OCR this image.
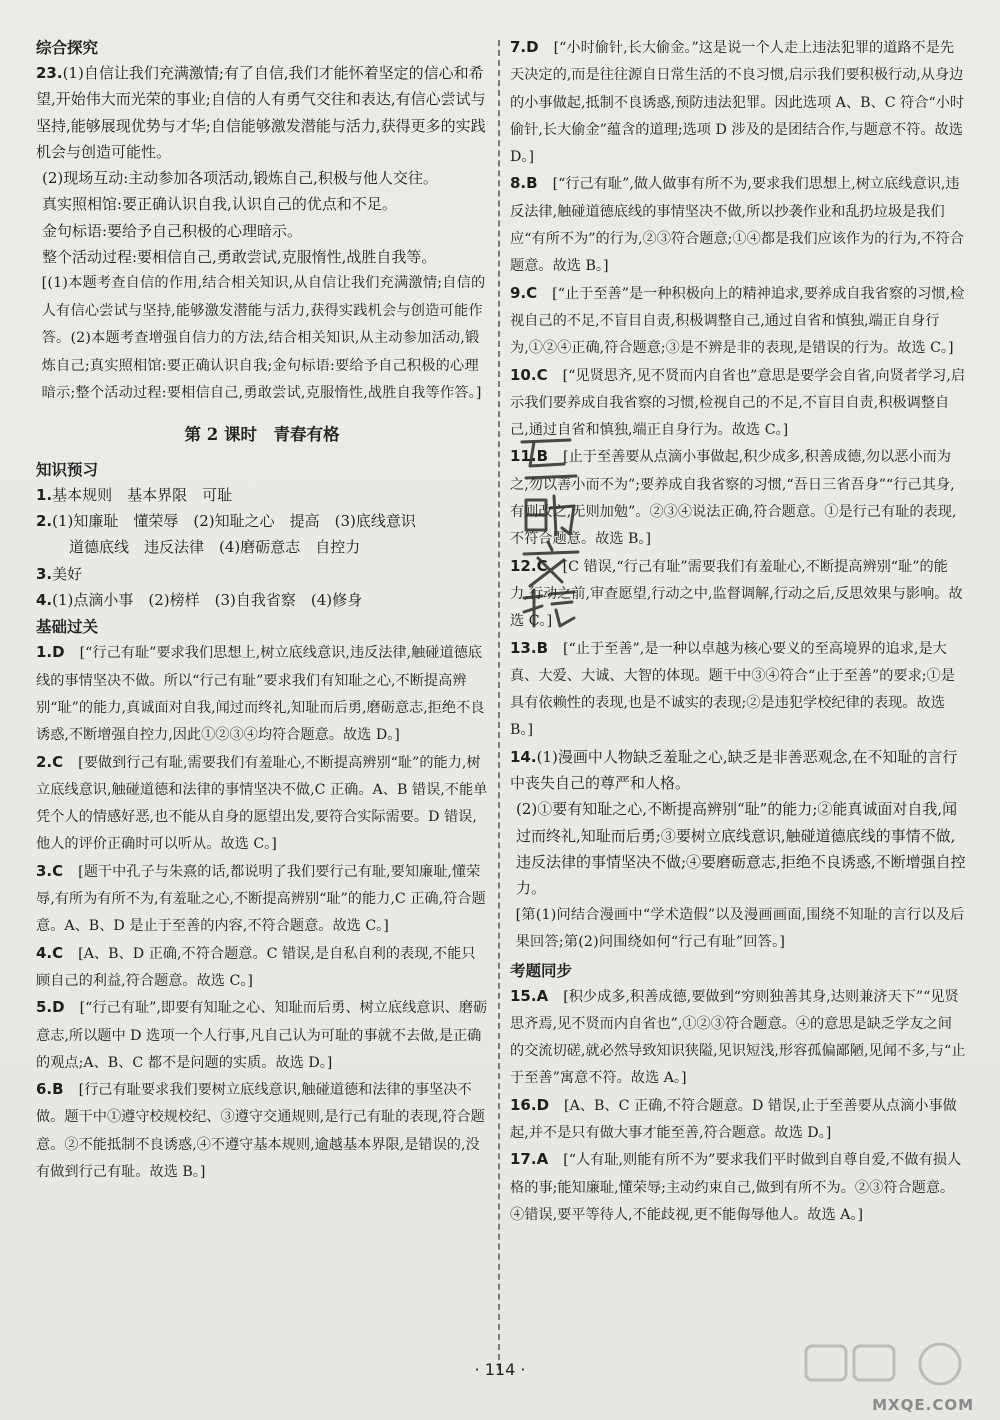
综合探究

23.(1)自信让我们充满激情;有了自信,我们才能怀着坚定的信心和希望,开始伟大而光荣的事业;自信的人有勇气交往和表达,有信心尝试与坚持,能够展现优势与才华;自信能够激发潜能与活力,获得更多的实践机会与创造可能性。

(2)现场互动:主动参加各项活动,锻炼自己,积极与他人交往。

真实照相馆:要正确认识自我,认识自己的优点和不足。

金句标语:要给予自己积极的心理暗示。

整个活动过程:要相信自己,勇敢尝试,克服惰性,战胜自我等。

[(1)本题考查自信的作用,结合相关知识,从自信让我们充满激情;自信的人有信心尝试与坚持,能够激发潜能与活力,获得实践机会与创造可能作答。(2)本题考查增强自信力的方法,结合相关知识,从主动参加活动,锻炼自己;真实照相馆:要正确认识自我;金句标语:要给予自己积极的心理暗示;整个活动过程:要相信自己,勇敢尝试,克服惰性,战胜自我等作答。]

第 2 课时　青春有格
知识预习

1.基本规则　基本界限　可耻

2.(1)知廉耻　懂荣辱　(2)知耻之心　提高　(3)底线意识

道德底线　违反法律　(4)磨砺意志　自控力

3.美好

4.(1)点滴小事　(2)榜样　(3)自我省察　(4)修身

基础过关

1.D　[“行己有耻”要求我们思想上,树立底线意识,违反法律,触碰道德底线的事情坚决不做。所以“行己有耻”要求我们有知耻之心,不断提高辨别“耻”的能力,真诚面对自我,闻过而终礼,知耻而后勇,磨砺意志,拒绝不良诱惑,不断增强自控力,因此①②③④均符合题意。故选 D。]

2.C　[要做到行己有耻,需要我们有羞耻心,不断提高辨别“耻”的能力,树立底线意识,触碰道德和法律的事情坚决不做,C 正确。A、B 错误,不能单凭个人的情感好恶,也不能从自身的愿望出发,要符合实际需要。D 错误,他人的评价正确时可以听从。故选 C。]

3.C　[题干中孔子与朱熹的话,都说明了我们要行己有耻,要知廉耻,懂荣辱,有所为有所不为,有羞耻之心,不断提高辨别“耻”的能力,C 正确,符合题意。A、B、D 是止于至善的内容,不符合题意。故选 C。]

4.C　[A、B、D 正确,不符合题意。C 错误,是自私自利的表现,不能只顾自己的利益,符合题意。故选 C。]

5.D　[“行己有耻”,即要有知耻之心、知耻而后勇、树立底线意识、磨砺意志,所以题中 D 选项一个人行事,凡自己认为可耻的事就不去做,是正确的观点;A、B、C 都不是问题的实质。故选 D。]

6.B　[行己有耻要求我们要树立底线意识,触碰道德和法律的事坚决不做。题干中①遵守校规校纪、③遵守交通规则,是行己有耻的表现,符合题意。②不能抵制不良诱惑,④不遵守基本规则,逾越基本界限,是错误的,没有做到行己有耻。故选 B。]

7.D　[“小时偷针,长大偷金。”这是说一个人走上违法犯罪的道路不是先天决定的,而是往往源自日常生活的不良习惯,启示我们要积极行动,从身边的小事做起,抵制不良诱惑,预防违法犯罪。因此选项 A、B、C 符合“小时偷针,长大偷金”蕴含的道理;选项 D 涉及的是团结合作,与题意不符。故选 D。]

8.B　[“行己有耻”,做人做事有所不为,要求我们思想上,树立底线意识,违反法律,触碰道德底线的事情坚决不做,所以抄袭作业和乱扔垃圾是我们应“有所不为”的行为,②③符合题意;①④都是我们应该作为的行为,不符合题意。故选 B。]

9.C　[“止于至善”是一种积极向上的精神追求,要养成自我省察的习惯,检视自己的不足,不盲目自责,积极调整自己,通过自省和慎独,端正自身行为,①②④正确,符合题意;③是不辨是非的表现,是错误的行为。故选 C。]

10.C　[“见贤思齐,见不贤而内自省也”意思是要学会自省,向贤者学习,启示我们要养成自我省察的习惯,检视自己的不足,不盲目自责,积极调整自己,通过自省和慎独,端正自身行为。故选 C。]

11.B　[止于至善要从点滴小事做起,积少成多,积善成德,勿以恶小而为之,勿以善小而不为”;要养成自我省察的习惯,“吾日三省吾身”“行己其身,有则改之,无则加勉”。②③④说法正确,符合题意。①是行己有耻的表现,不符合题意。故选 B。]

12.C　[C 错误,“行己有耻”需要我们有羞耻心,不断提高辨别“耻”的能力,行动之前,审查愿望,行动之中,监督调解,行动之后,反思效果与影响。故选 C。]

13.B　[“止于至善”,是一种以卓越为核心要义的至高境界的追求,是大真、大爱、大诚、大智的体现。题干中③④符合“止于至善”的要求;①是具有依赖性的表现,也是不诚实的表现;②是违犯学校纪律的表现。故选 B。]

14.(1)漫画中人物缺乏羞耻之心,缺乏是非善恶观念,在不知耻的言行中丧失自己的尊严和人格。

(2)①要有知耻之心,不断提高辨别“耻”的能力;②能真诚面对自我,闻过而终礼,知耻而后勇;③要树立底线意识,触碰道德底线的事情不做,违反法律的事情坚决不做;④要磨砺意志,拒绝不良诱惑,不断增强自控力。

[第(1)问结合漫画中“学术造假”以及漫画画面,围绕不知耻的言行以及后果回答;第(2)问围绕如何“行己有耻”回答。]

考题同步

15.A　[积少成多,积善成德,要做到“穷则独善其身,达则兼济天下”“见贤思齐焉,见不贤而内自省也”,①②③符合题意。④的意思是缺乏学友之间的交流切磋,就必然导致知识狭隘,见识短浅,形容孤偏鄙陋,见闻不多,与“止于至善”寓意不符。故选 A。]

16.D　[A、B、C 正确,不符合题意。D 错误,止于至善要从点滴小事做起,并不是只有做大事才能至善,符合题意。故选 D。]

17.A　[“人有耻,则能有所不为”要求我们平时做到自尊自爱,不做有损人格的事;能知廉耻,懂荣辱;主动约束自己,做到有所不为。②③符合题意。④错误,要平等待人,不能歧视,更不能侮辱他人。故选 A。]

· 114 ·
MXQE.COM
